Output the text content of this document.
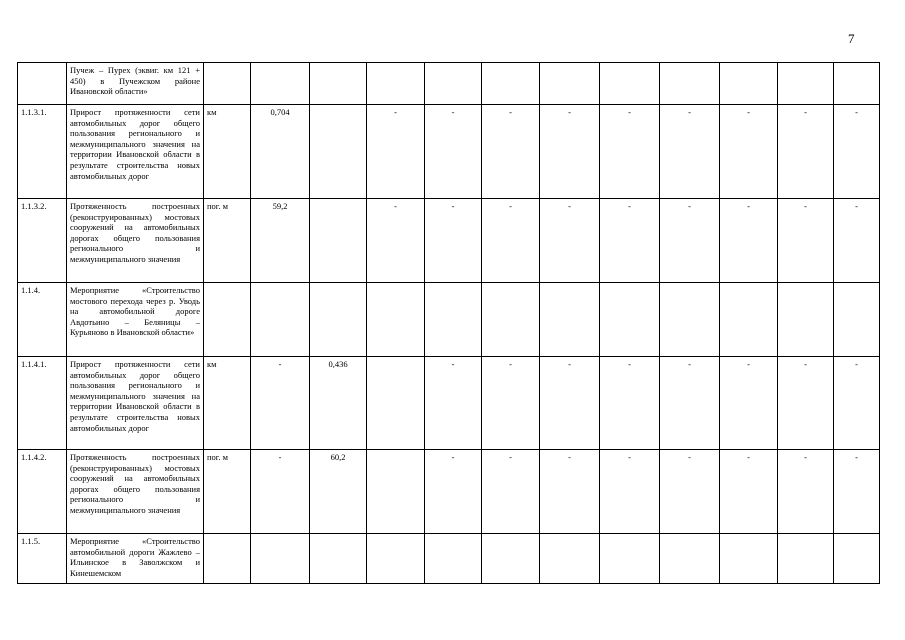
7
	Пучеж – Пурех (эквиг. км 121 + 450) в Пучежском районе Ивановской области»													
1.1.3.1.	Прирост протяженности сети автомобильных дорог общего пользования регионального и межмуниципального значения на территории Ивановской области в результате строительства новых автомобильных дорог	км	0,704		-	-	-	-	-	-	-	-	-	
1.1.3.2.	Протяженность построенных (реконструированных) мостовых сооружений на автомобильных дорогах общего пользования регионального и межмуниципального значения	пог. м	59,2		-	-	-	-	-	-	-	-	-	
1.1.4.	Мероприятие «Строительство мостового перехода через р. Уводь на автомобильной дороге Авдотьино – Беляницы – Курьяново в Ивановской области»													
1.1.4.1.	Прирост протяженности сети автомобильных дорог общего пользования регионального и межмуниципального значения на территории Ивановской области в результате строительства новых автомобильных дорог	км	-	0,436		-	-	-	-	-	-	-	-	
1.1.4.2.	Протяженность построенных (реконструированных) мостовых сооружений на автомобильных дорогах общего пользования регионального и межмуниципального значения	пог. м	-	60,2		-	-	-	-	-	-	-	-	
1.1.5.	Мероприятие «Строительство автомобильной дороги Жажлево – Ильинское в Заволжском и Кинешемском													
